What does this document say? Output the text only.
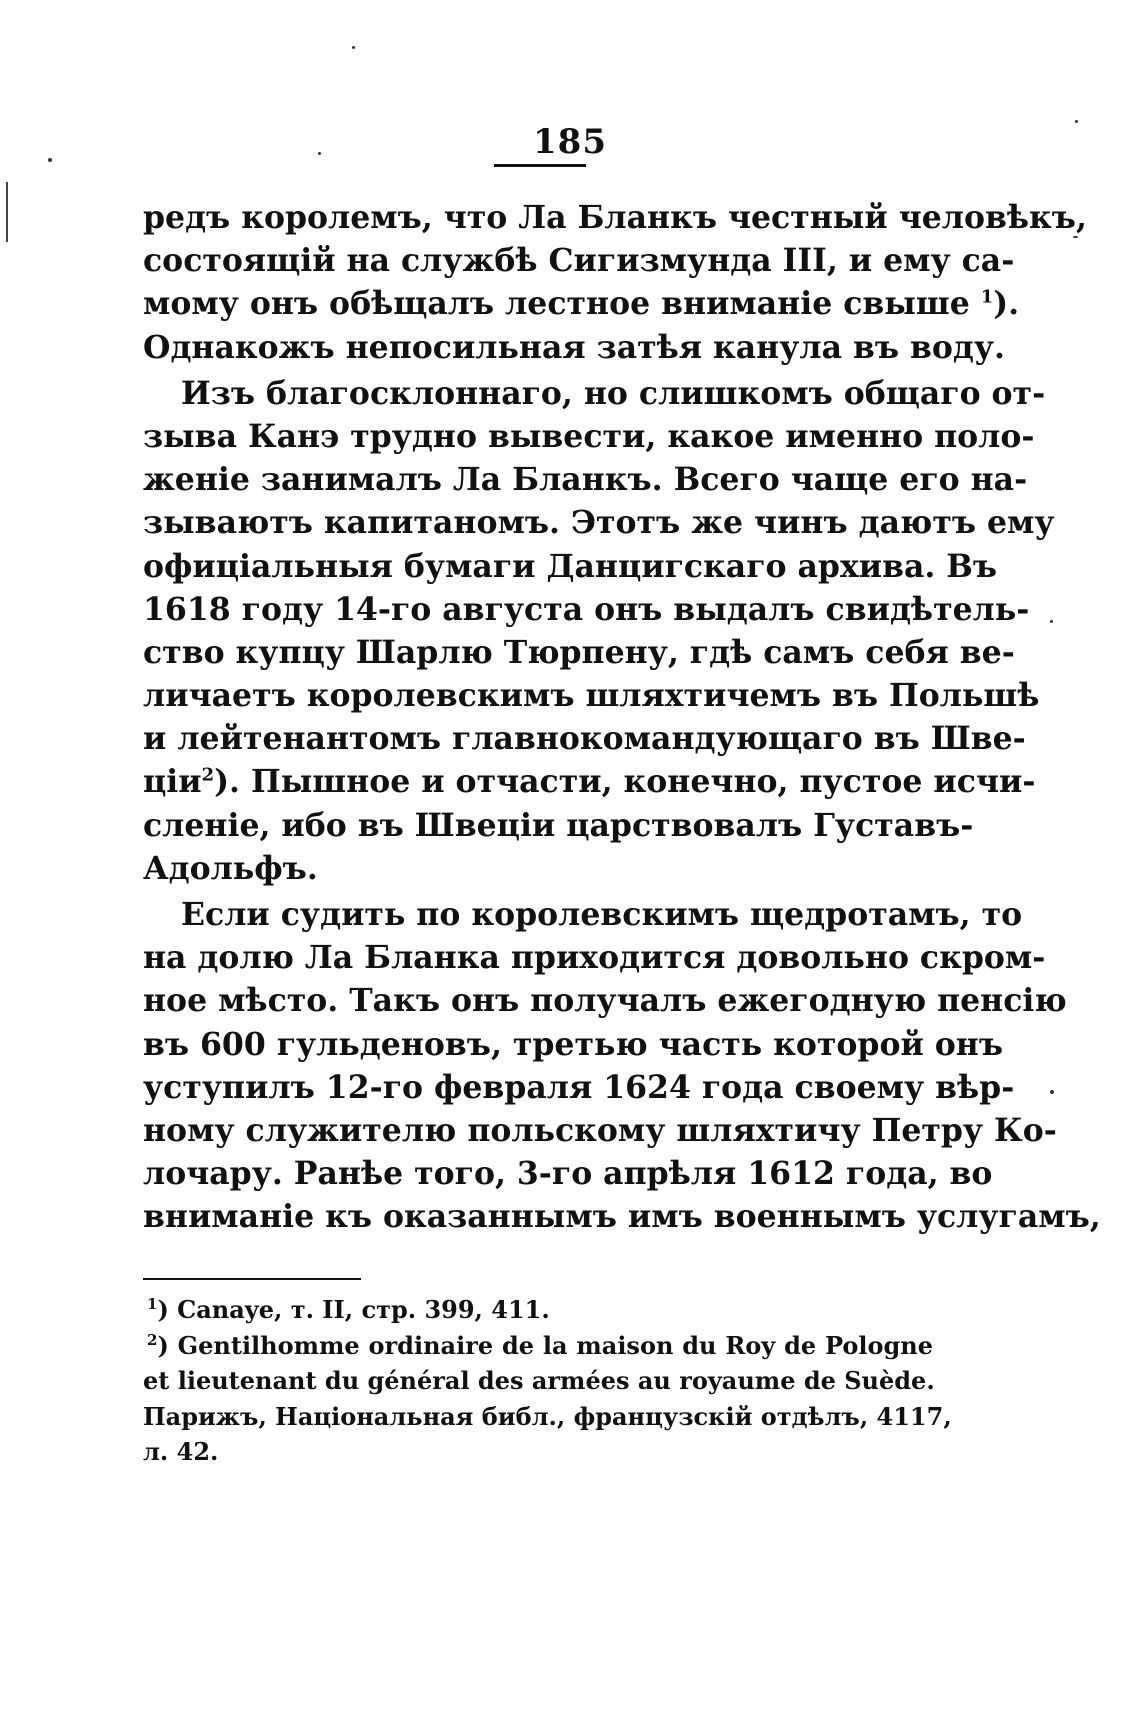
185
редъ королемъ, что Ла Бланкъ честный человѣкъ,
состоящій на службѣ Сигизмунда III, и ему са-
мому онъ обѣщалъ лестное вниманіе свыше $^1$).
Однакожъ непосильная затѣя канула въ воду.
Изъ благосклоннаго, но слишкомъ общаго от-
зыва Канэ трудно вывести, какое именно поло-
женіе занималъ Ла Бланкъ. Всего чаще его на-
зываютъ капитаномъ. Этотъ же чинъ даютъ ему
офиціальныя бумаги Данцигскаго архива. Въ
1618 году 14-го августа онъ выдалъ свидѣтель-
ство купцу Шарлю Тюрпену, гдѣ самъ себя ве-
личаетъ королевскимъ шляхтичемъ въ Польшѣ
и лейтенантомъ главнокомандующаго въ Шве-
ціи$^2$). Пышное и отчасти, конечно, пустое исчи-
сленіе, ибо въ Швеціи царствовалъ Густавъ-
Адольфъ.
Если судить по королевскимъ щедротамъ, то
на долю Ла Бланка приходится довольно скром-
ное мѣсто. Такъ онъ получалъ ежегодную пенсію
въ 600 гульденовъ, третью часть которой онъ
уступилъ 12-го февраля 1624 года своему вѣр-
ному служителю польскому шляхтичу Петру Ко-
лочару. Ранѣе того, 3-го апрѣля 1612 года, во
вниманіе къ оказаннымъ имъ военнымъ услугамъ,
$^1$) Canaye, т. II, стр. 399, 411.
$^2$) Gentilhomme ordinaire de la maison du Roy de Pologne
et lieutenant du général des armées au royaume de Suède.
Парижъ, Національная библ., французскій отдѣлъ, 4117,
л. 42.
